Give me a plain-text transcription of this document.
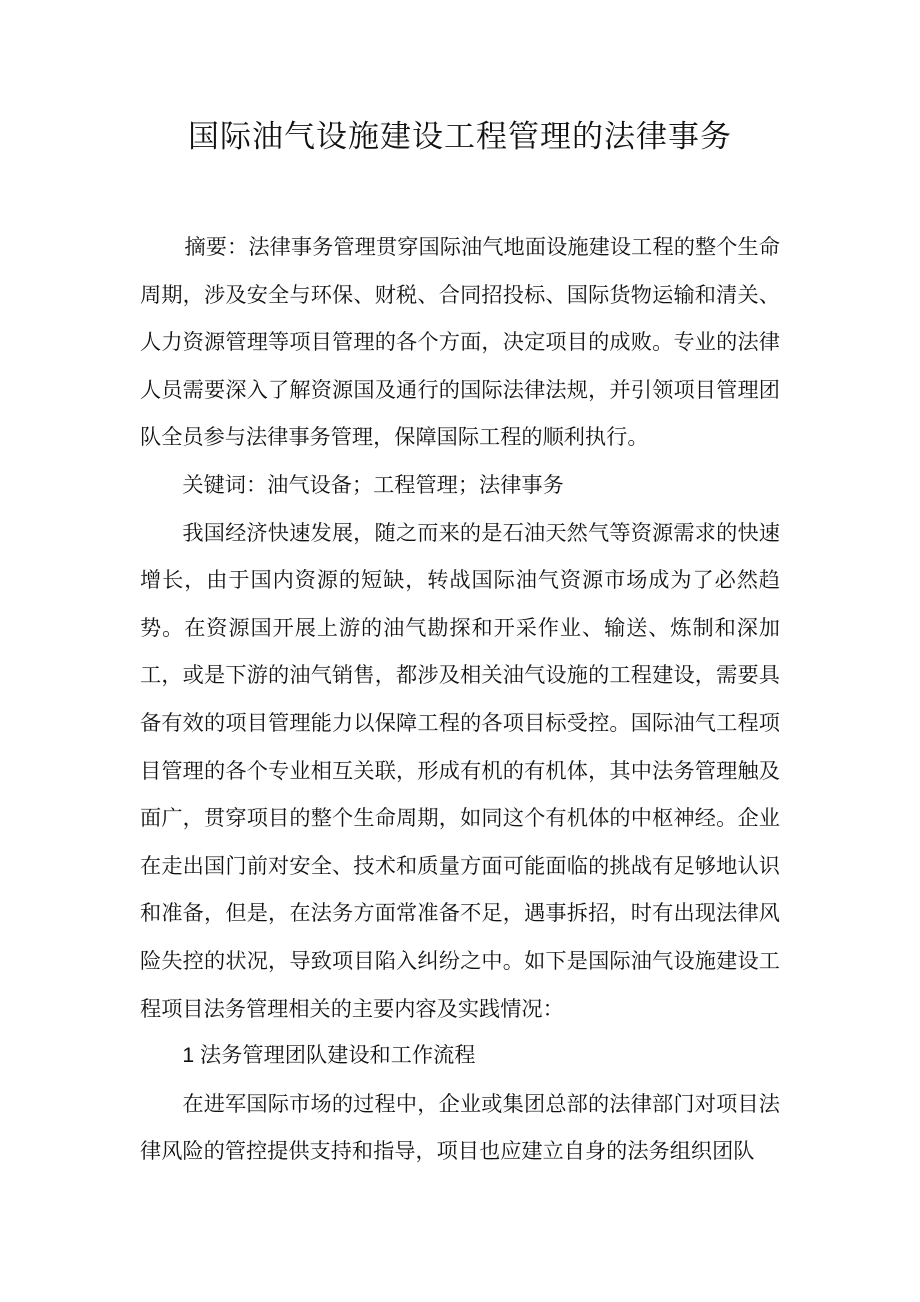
国际油气设施建设工程管理的法律事务

摘要：法律事务管理贯穿国际油气地面设施建设工程的整个生命周期，涉及安全与环保、财税、合同招投标、国际货物运输和清关、人力资源管理等项目管理的各个方面，决定项目的成败。专业的法律人员需要深入了解资源国及通行的国际法律法规，并引领项目管理团队全员参与法律事务管理，保障国际工程的顺利执行。

关键词：油气设备；工程管理；法律事务

我国经济快速发展，随之而来的是石油天然气等资源需求的快速增长，由于国内资源的短缺，转战国际油气资源市场成为了必然趋势。在资源国开展上游的油气勘探和开采作业、输送、炼制和深加工，或是下游的油气销售，都涉及相关油气设施的工程建设，需要具备有效的项目管理能力以保障工程的各项目标受控。国际油气工程项目管理的各个专业相互关联，形成有机的有机体，其中法务管理触及面广，贯穿项目的整个生命周期，如同这个有机体的中枢神经。企业在走出国门前对安全、技术和质量方面可能面临的挑战有足够地认识和准备，但是，在法务方面常准备不足，遇事拆招，时有出现法律风险失控的状况，导致项目陷入纠纷之中。如下是国际油气设施建设工程项目法务管理相关的主要内容及实践情况：

1 法务管理团队建设和工作流程

在进军国际市场的过程中，企业或集团总部的法律部门对项目法律风险的管控提供支持和指导，项目也应建立自身的法务组织团队
